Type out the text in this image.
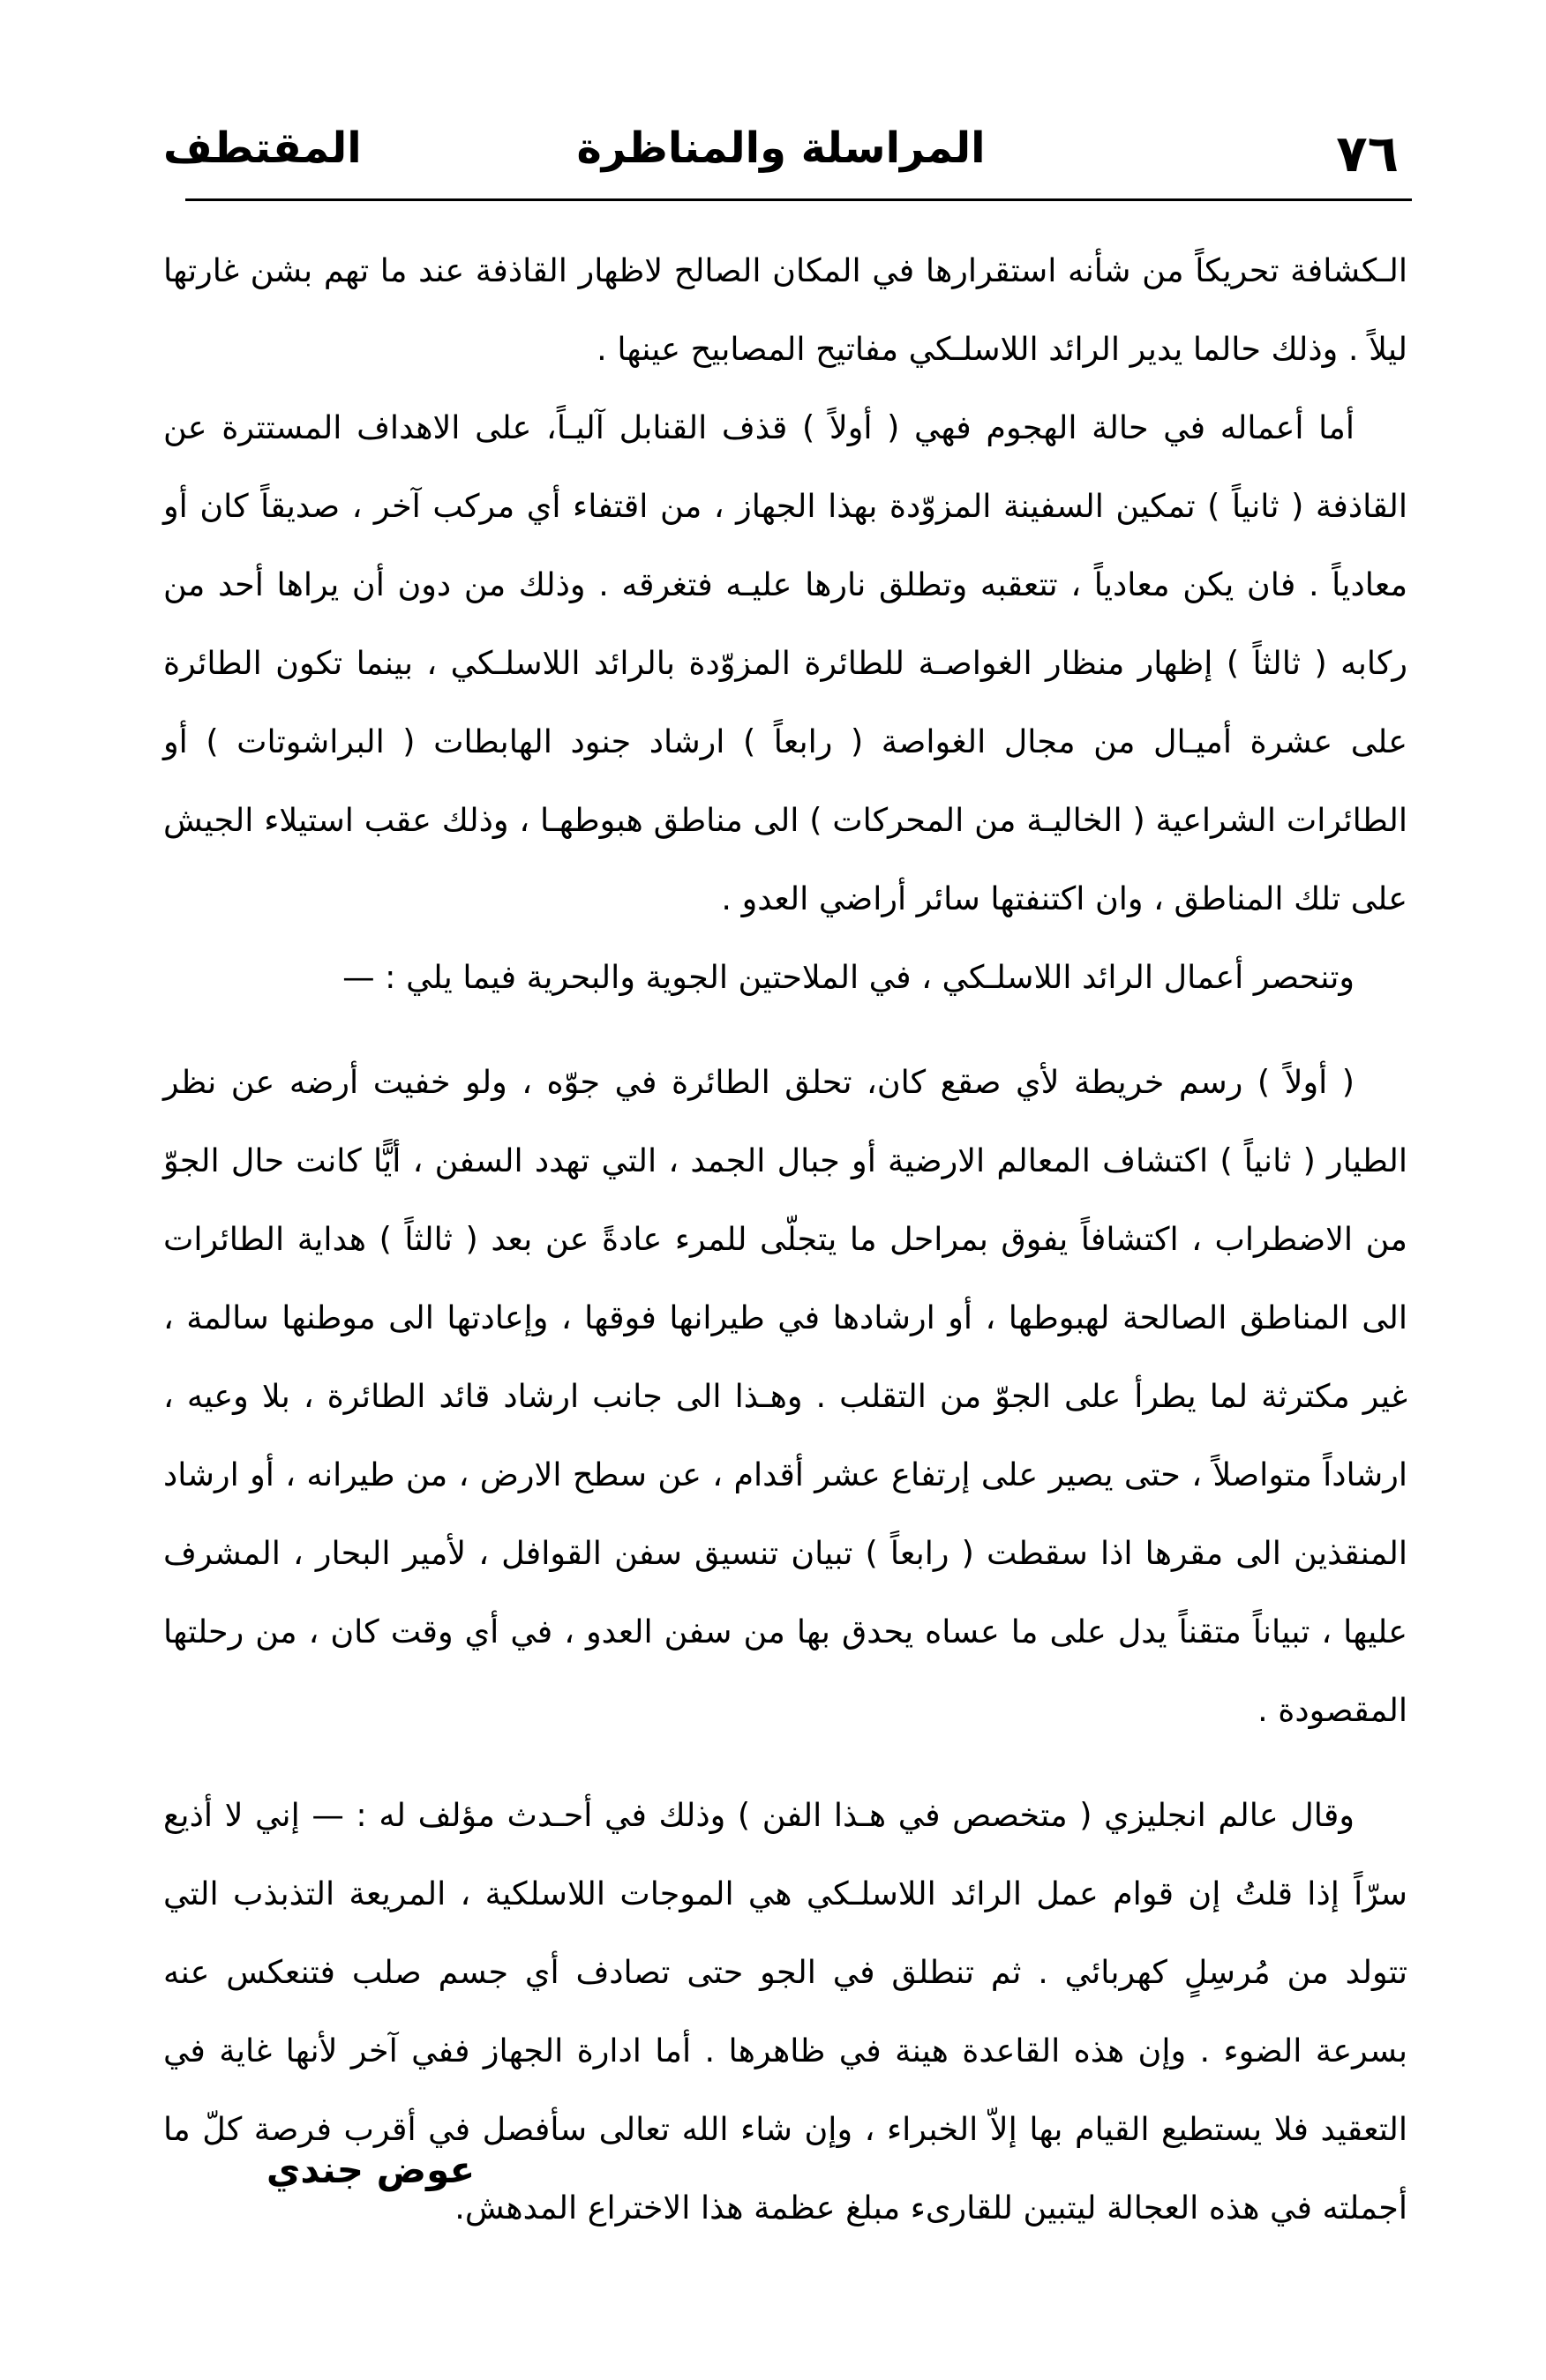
٧٦
المراسلة والمناظرة
المقتطف

الـكشافة تحريكاً من شأنه استقرارها في المكان الصالح لاظهار القاذفة عند ما تهم بشن غارتها ليلاً . وذلك حالما يدير الرائد اللاسلـكي مفاتيح المصابيح عينها .

أما أعماله في حالة الهجوم فهي ( أولاً ) قذف القنابل آليـاً، على الاهداف المستترة عن القاذفة ( ثانياً ) تمكين السفينة المزوّدة بهذا الجهاز ، من اقتفاء أي مركب آخر ، صديقاً كان أو معادياً . فان يكن معادياً ، تتعقبه وتطلق نارها عليـه فتغرقه . وذلك من دون أن يراها أحد من ركابه ( ثالثاً ) إظهار منظار الغواصـة للطائرة المزوّدة بالرائد اللاسلـكي ، بينما تكون الطائرة على عشرة أميـال من مجال الغواصة ( رابعاً ) ارشاد جنود الهابطات ( البراشوتات ) أو الطائرات الشراعية ( الخاليـة من المحركات ) الى مناطق هبوطهـا ، وذلك عقب استيلاء الجيش على تلك المناطق ، وان اكتنفتها سائر أراضي العدو .

وتنحصر أعمال الرائد اللاسلـكي ، في الملاحتين الجوية والبحرية فيما يلي : —

( أولاً ) رسم خريطة لأي صقع كان، تحلق الطائرة في جوّه ، ولو خفيت أرضه عن نظر الطيار ( ثانياً ) اكتشاف المعالم الارضية أو جبال الجمد ، التي تهدد السفن ، أيًّا كانت حال الجوّ من الاضطراب ، اكتشافاً يفوق بمراحل ما يتجلّى للمرء عادةً عن بعد ( ثالثاً ) هداية الطائرات الى المناطق الصالحة لهبوطها ، أو ارشادها في طيرانها فوقها ، وإعادتها الى موطنها سالمة ، غير مكترثة لما يطرأ على الجوّ من التقلب . وهـذا الى جانب ارشاد قائد الطائرة ، بلا وعيه ، ارشاداً متواصلاً ، حتى يصير على إرتفاع عشر أقدام ، عن سطح الارض ، من طيرانه ، أو ارشاد المنقذين الى مقرها اذا سقطت ( رابعاً ) تبيان تنسيق سفن القوافل ، لأمير البحار ، المشرف عليها ، تبياناً متقناً يدل على ما عساه يحدق بها من سفن العدو ، في أي وقت كان ، من رحلتها المقصودة .

وقال عالم انجليزي ( متخصص في هـذا الفن ) وذلك في أحـدث مؤلف له : — إني لا أذيع سرّاً إذا قلتُ إن قوام عمل الرائد اللاسلـكي هي الموجات اللاسلكية ، المريعة التذبذب التي تتولد من مُرسِلٍ كهربائي . ثم تنطلق في الجو حتى تصادف أي جسم صلب فتنعكس عنه بسرعة الضوء . وإن هذه القاعدة هينة في ظاهرها . أما ادارة الجهاز ففي آخر لأنها غاية في التعقيد فلا يستطيع القيام بها إلاّ الخبراء ، وإن شاء الله تعالى سأفصل في أقرب فرصة كلّ ما أجملته في هذه العجالة ليتبين للقارىء مبلغ عظمة هذا الاختراع المدهش.

عوض جندي
